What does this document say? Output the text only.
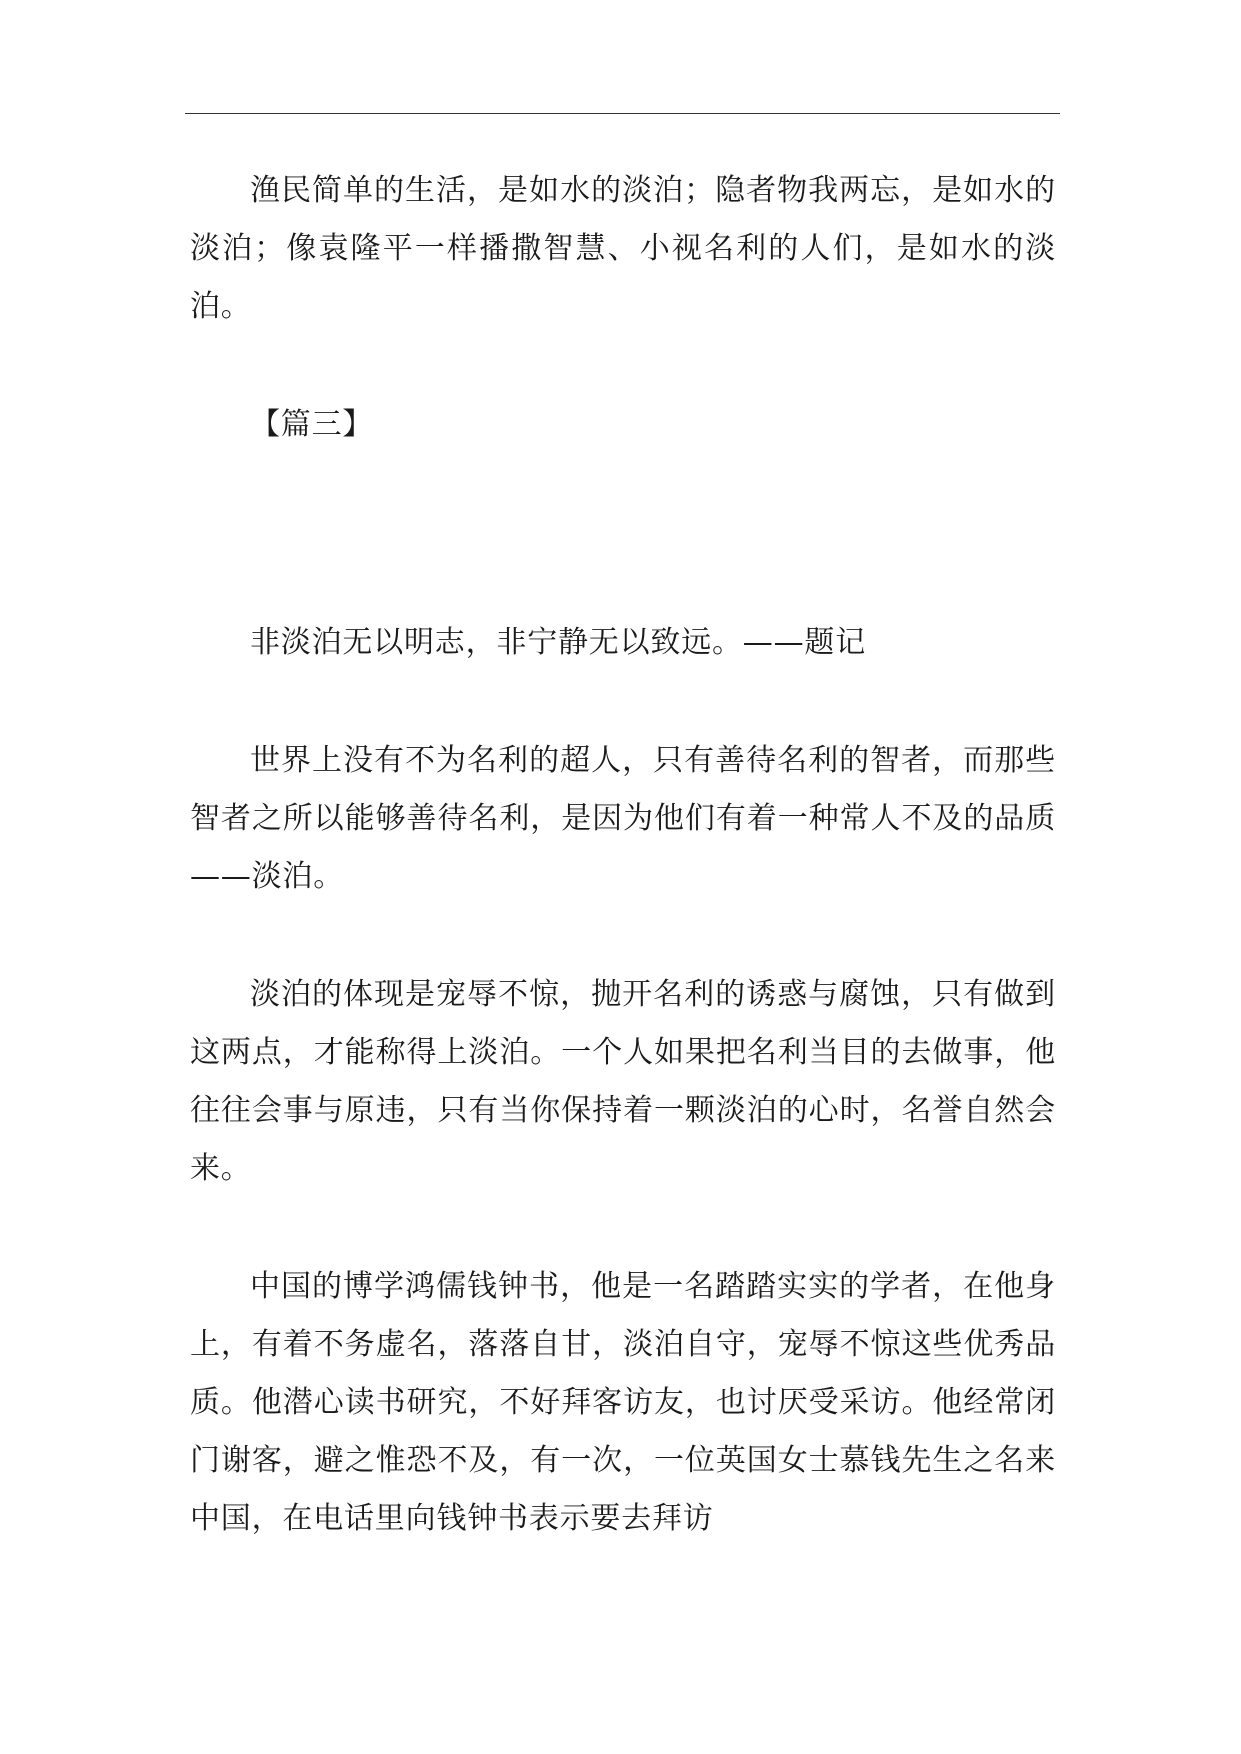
渔民简单的生活，是如水的淡泊；隐者物我两忘，是如水的淡泊；像袁隆平一样播撒智慧、小视名利的人们，是如水的淡泊。

【篇三】

非淡泊无以明志，非宁静无以致远。——题记

世界上没有不为名利的超人，只有善待名利的智者，而那些智者之所以能够善待名利，是因为他们有着一种常人不及的品质——淡泊。

淡泊的体现是宠辱不惊，抛开名利的诱惑与腐蚀，只有做到这两点，才能称得上淡泊。一个人如果把名利当目的去做事，他往往会事与原违，只有当你保持着一颗淡泊的心时，名誉自然会来。

中国的博学鸿儒钱钟书，他是一名踏踏实实的学者，在他身上，有着不务虚名，落落自甘，淡泊自守，宠辱不惊这些优秀品质。他潜心读书研究，不好拜客访友，也讨厌受采访。他经常闭门谢客，避之惟恐不及，有一次，一位英国女士慕钱先生之名来中国，在电话里向钱钟书表示要去拜访
